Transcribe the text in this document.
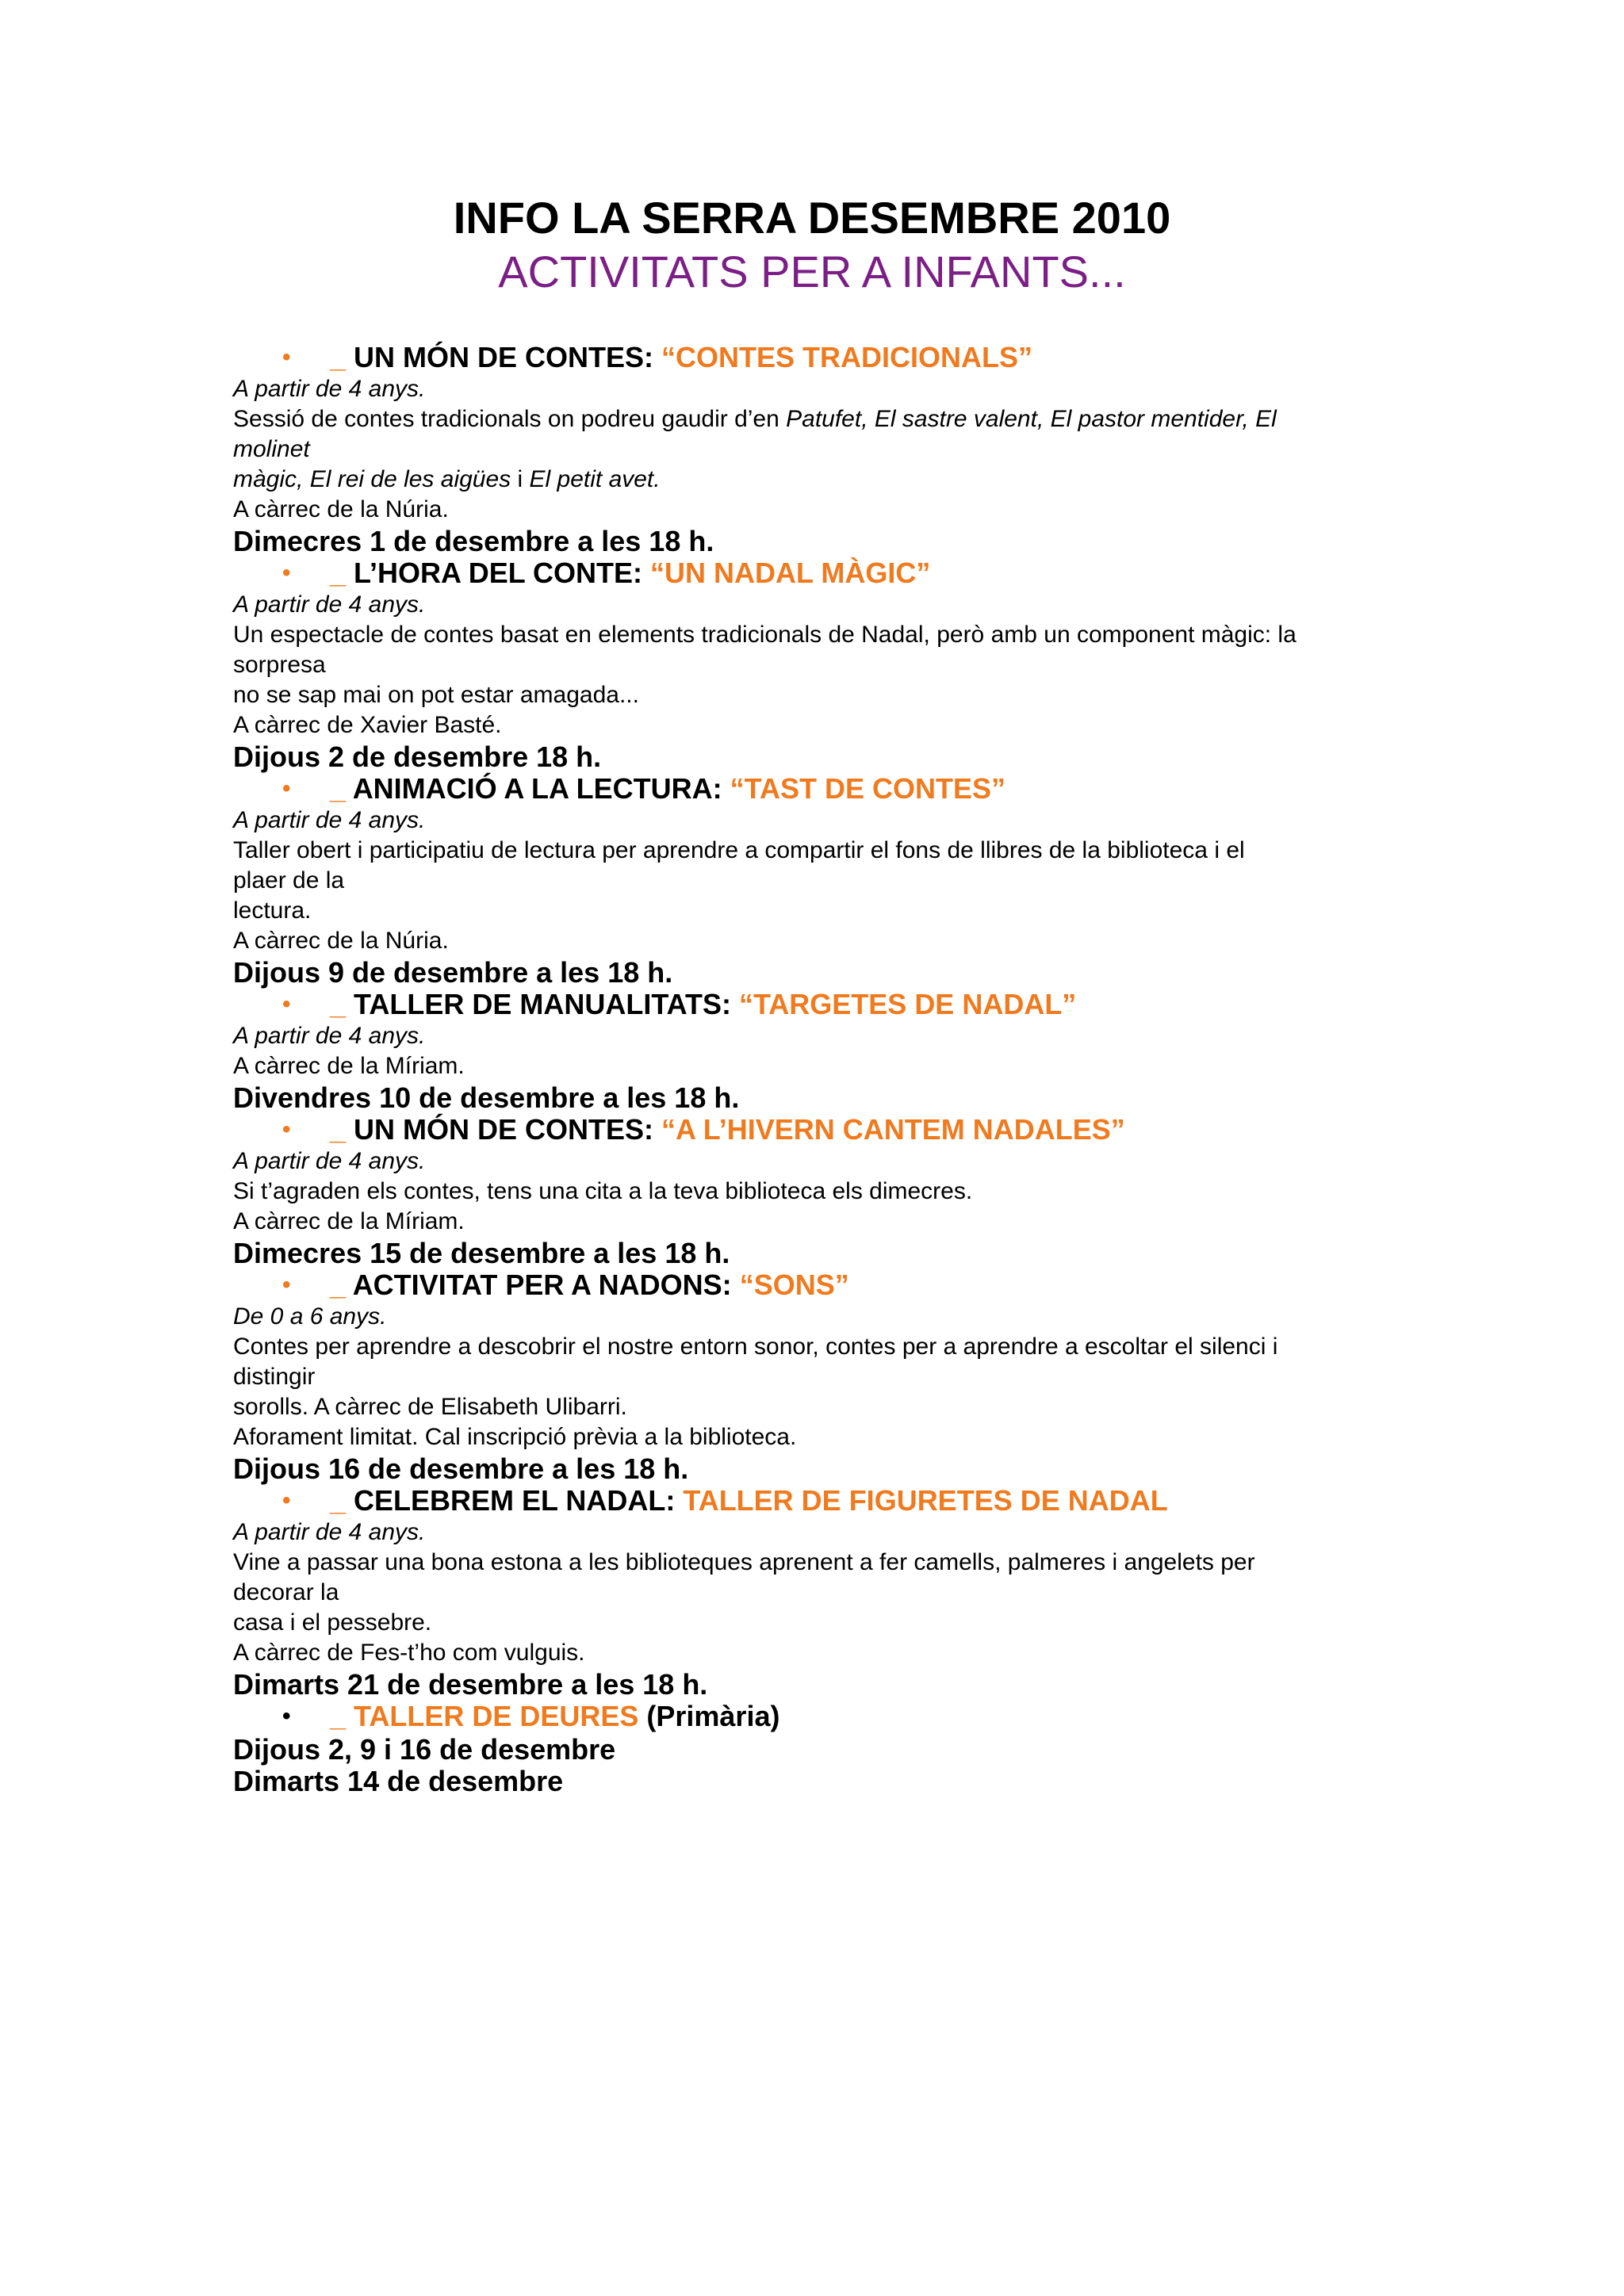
INFO LA SERRA DESEMBRE 2010
ACTIVITATS PER A INFANTS...
• _ UN MÓN DE CONTES: “CONTES TRADICIONALS”
A partir de 4 anys.
Sessió de contes tradicionals on podreu gaudir d’en Patufet, El sastre valent, El pastor mentider, El
molinet
màgic, El rei de les aigües i El petit avet.
A càrrec de la Núria.
Dimecres 1 de desembre a les 18 h.
• _ L’HORA DEL CONTE: “UN NADAL MÀGIC”
A partir de 4 anys.
Un espectacle de contes basat en elements tradicionals de Nadal, però amb un component màgic: la
sorpresa
no se sap mai on pot estar amagada...
A càrrec de Xavier Basté.
Dijous 2 de desembre 18 h.
• _ ANIMACIÓ A LA LECTURA: “TAST DE CONTES”
A partir de 4 anys.
Taller obert i participatiu de lectura per aprendre a compartir el fons de llibres de la biblioteca i el
plaer de la
lectura.
A càrrec de la Núria.
Dijous 9 de desembre a les 18 h.
• _ TALLER DE MANUALITATS: “TARGETES DE NADAL”
A partir de 4 anys.
A càrrec de la Míriam.
Divendres 10 de desembre a les 18 h.
• _ UN MÓN DE CONTES: “A L’HIVERN CANTEM NADALES”
A partir de 4 anys.
Si t’agraden els contes, tens una cita a la teva biblioteca els dimecres.
A càrrec de la Míriam.
Dimecres 15 de desembre a les 18 h.
• _ ACTIVITAT PER A NADONS: “SONS”
De 0 a 6 anys.
Contes per aprendre a descobrir el nostre entorn sonor, contes per a aprendre a escoltar el silenci i
distingir
sorolls. A càrrec de Elisabeth Ulibarri.
Aforament limitat. Cal inscripció prèvia a la biblioteca.
Dijous 16 de desembre a les 18 h.
• _ CELEBREM EL NADAL: TALLER DE FIGURETES DE NADAL
A partir de 4 anys.
Vine a passar una bona estona a les biblioteques aprenent a fer camells, palmeres i angelets per
decorar la
casa i el pessebre.
A càrrec de Fes-t’ho com vulguis.
Dimarts 21 de desembre a les 18 h.
• _ TALLER DE DEURES (Primària)
Dijous 2, 9 i 16 de desembre
Dimarts 14 de desembre
